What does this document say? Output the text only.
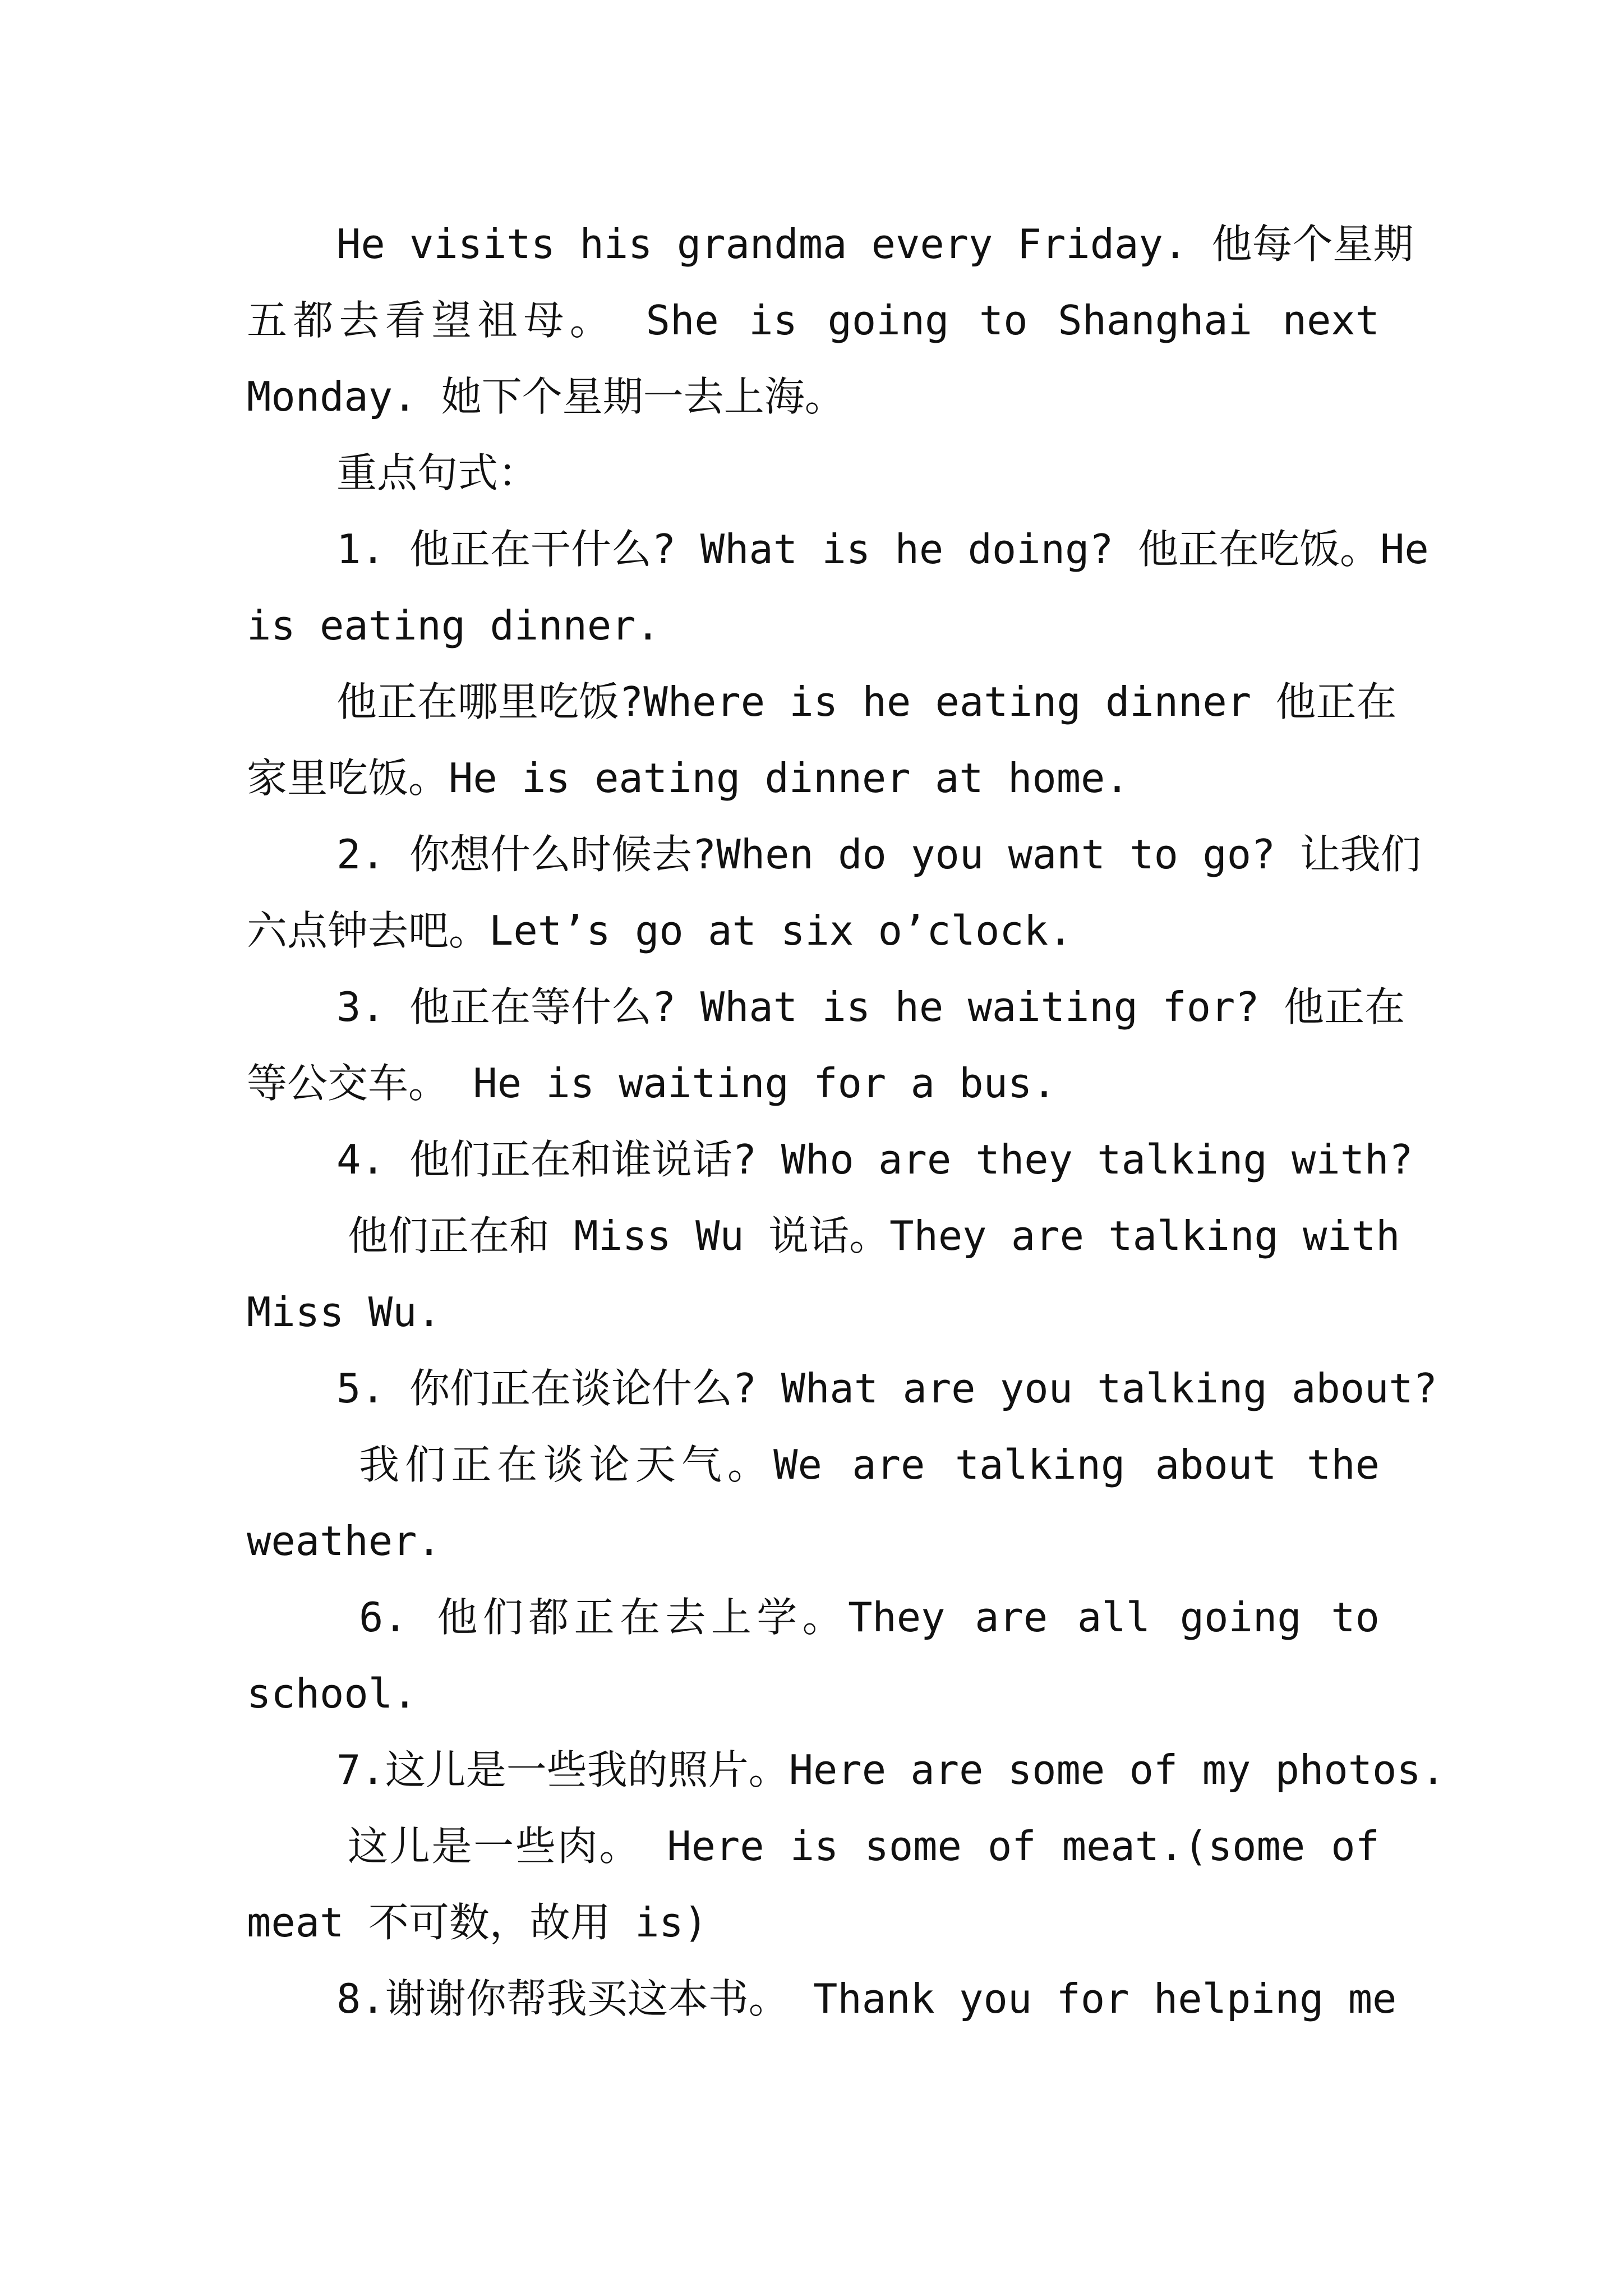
He visits his grandma every Friday. 他每个星期
五都去看望祖母。 She is going to Shanghai next
Monday. 她下个星期一去上海。
重点句式：
1. 他正在干什么? What is he doing? 他正在吃饭。He
is eating dinner.
他正在哪里吃饭?Where is he eating dinner 他正在
家里吃饭。He is eating dinner at home.
2. 你想什么时候去?When do you want to go? 让我们
六点钟去吧。Let’s go at six o’clock.
3. 他正在等什么? What is he waiting for? 他正在
等公交车。 He is waiting for a bus.
4. 他们正在和谁说话? Who are they talking with?
他们正在和 Miss Wu 说话。They are talking with
Miss Wu.
5. 你们正在谈论什么? What are you talking about?
我们正在谈论天气。We are talking about the
weather.
6. 他们都正在去上学。They are all going to
school.
7.这儿是一些我的照片。Here are some of my photos.
这儿是一些肉。 Here is some of meat.(some of
meat 不可数，故用 is)
8.谢谢你帮我买这本书。 Thank you for helping me
